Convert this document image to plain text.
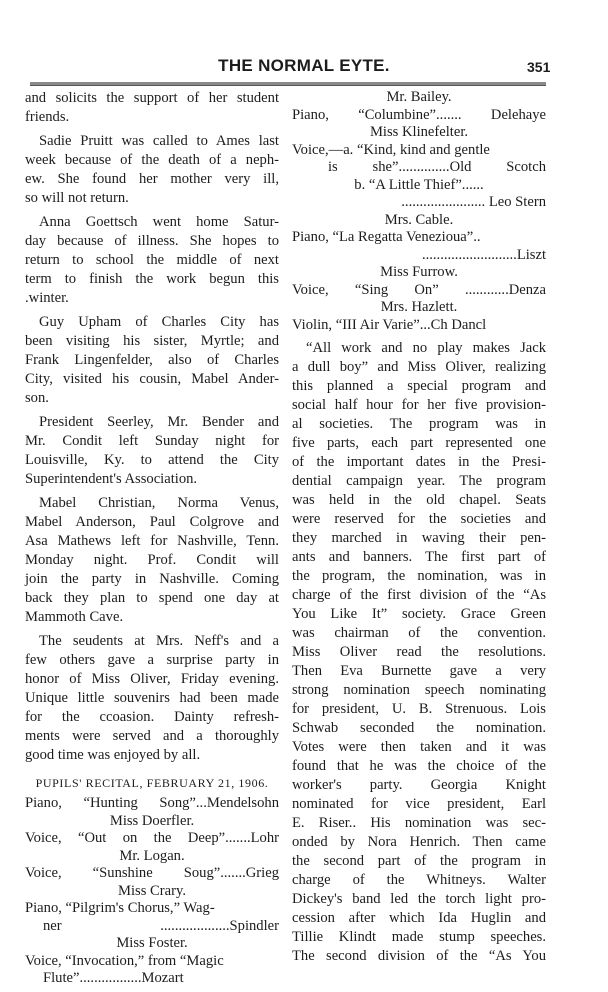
THE NORMAL EYTE.	351
and solicits the support of her student
friends.
Sadie Pruitt was called to Ames last
week because of the death of a neph-
ew. She found her mother very ill,
so will not return.
Anna Goettsch went home Satur-
day because of illness. She hopes to
return to school the middle of next
term to finish the work begun this
.winter.
Guy Upham of Charles City has
been visiting his sister, Myrtle; and
Frank Lingenfelder, also of Charles
City, visited his cousin, Mabel Ander-
son.
President Seerley, Mr. Bender and
Mr. Condit left Sunday night for
Louisville, Ky. to attend the City
Superintendent's Association.
Mabel Christian, Norma Venus,
Mabel Anderson, Paul Colgrove and
Asa Mathews left for Nashville, Tenn.
Monday night. Prof. Condit will
join the party in Nashville. Coming
back they plan to spend one day at
Mammoth Cave.
The seudents at Mrs. Neff's and a
few others gave a surprise party in
honor of Miss Oliver, Friday evening.
Unique little souvenirs had been made
for the ccoasion. Dainty refresh-
ments were served and a thoroughly
good time was enjoyed by all.
PUPILS' RECITAL, FEBRUARY 21, 1906.
Piano, “Hunting Song”...Mendelsohn
Miss Doerfler.
Voice, “Out on the Deep”.......Lohr
Mr. Logan.
Voice, “Sunshine Soug”.......Grieg
Miss Crary.
Piano, “Pilgrim's Chorus,” Wag-
ner ...................Spindler
Miss Foster.
Voice, “Invocation,” from “Magic
Flute”.................Mozart
Mr. Bailey.
Piano, “Columbine”....... Delehaye
Miss Klinefelter.
Voice,—a. “Kind, kind and gentle
is she”..............Old Scotch
b. “A Little Thief”......
....................... Leo Stern
Mrs. Cable.
Piano, “La Regatta Venezioua”..
..........................Liszt
Miss Furrow.
Voice, “Sing On” ............Denza
Mrs. Hazlett.
Violin, “III Air Varie”...Ch Dancl
“All work and no play makes Jack
a dull boy” and Miss Oliver, realizing
this planned a special program and
social half hour for her five provision-
al societies. The program was in
five parts, each part represented one
of the important dates in the Presi-
dential campaign year. The program
was held in the old chapel. Seats
were reserved for the societies and
they marched in waving their pen-
ants and banners. The first part of
the program, the nomination, was in
charge of the first division of the “As
You Like It” society. Grace Green
was chairman of the convention.
Miss Oliver read the resolutions.
Then Eva Burnette gave a very
strong nomination speech nominating
for president, U. B. Strenuous. Lois
Schwab seconded the nomination.
Votes were then taken and it was
found that he was the choice of the
worker's party. Georgia Knight
nominated for vice president, Earl
E. Riser.. His nomination was sec-
onded by Nora Henrich. Then came
the second part of the program in
charge of the Whitneys. Walter
Dickey's band led the torch light pro-
cession after which Ida Huglin and
Tillie Klindt made stump speeches.
The second division of the “As You
